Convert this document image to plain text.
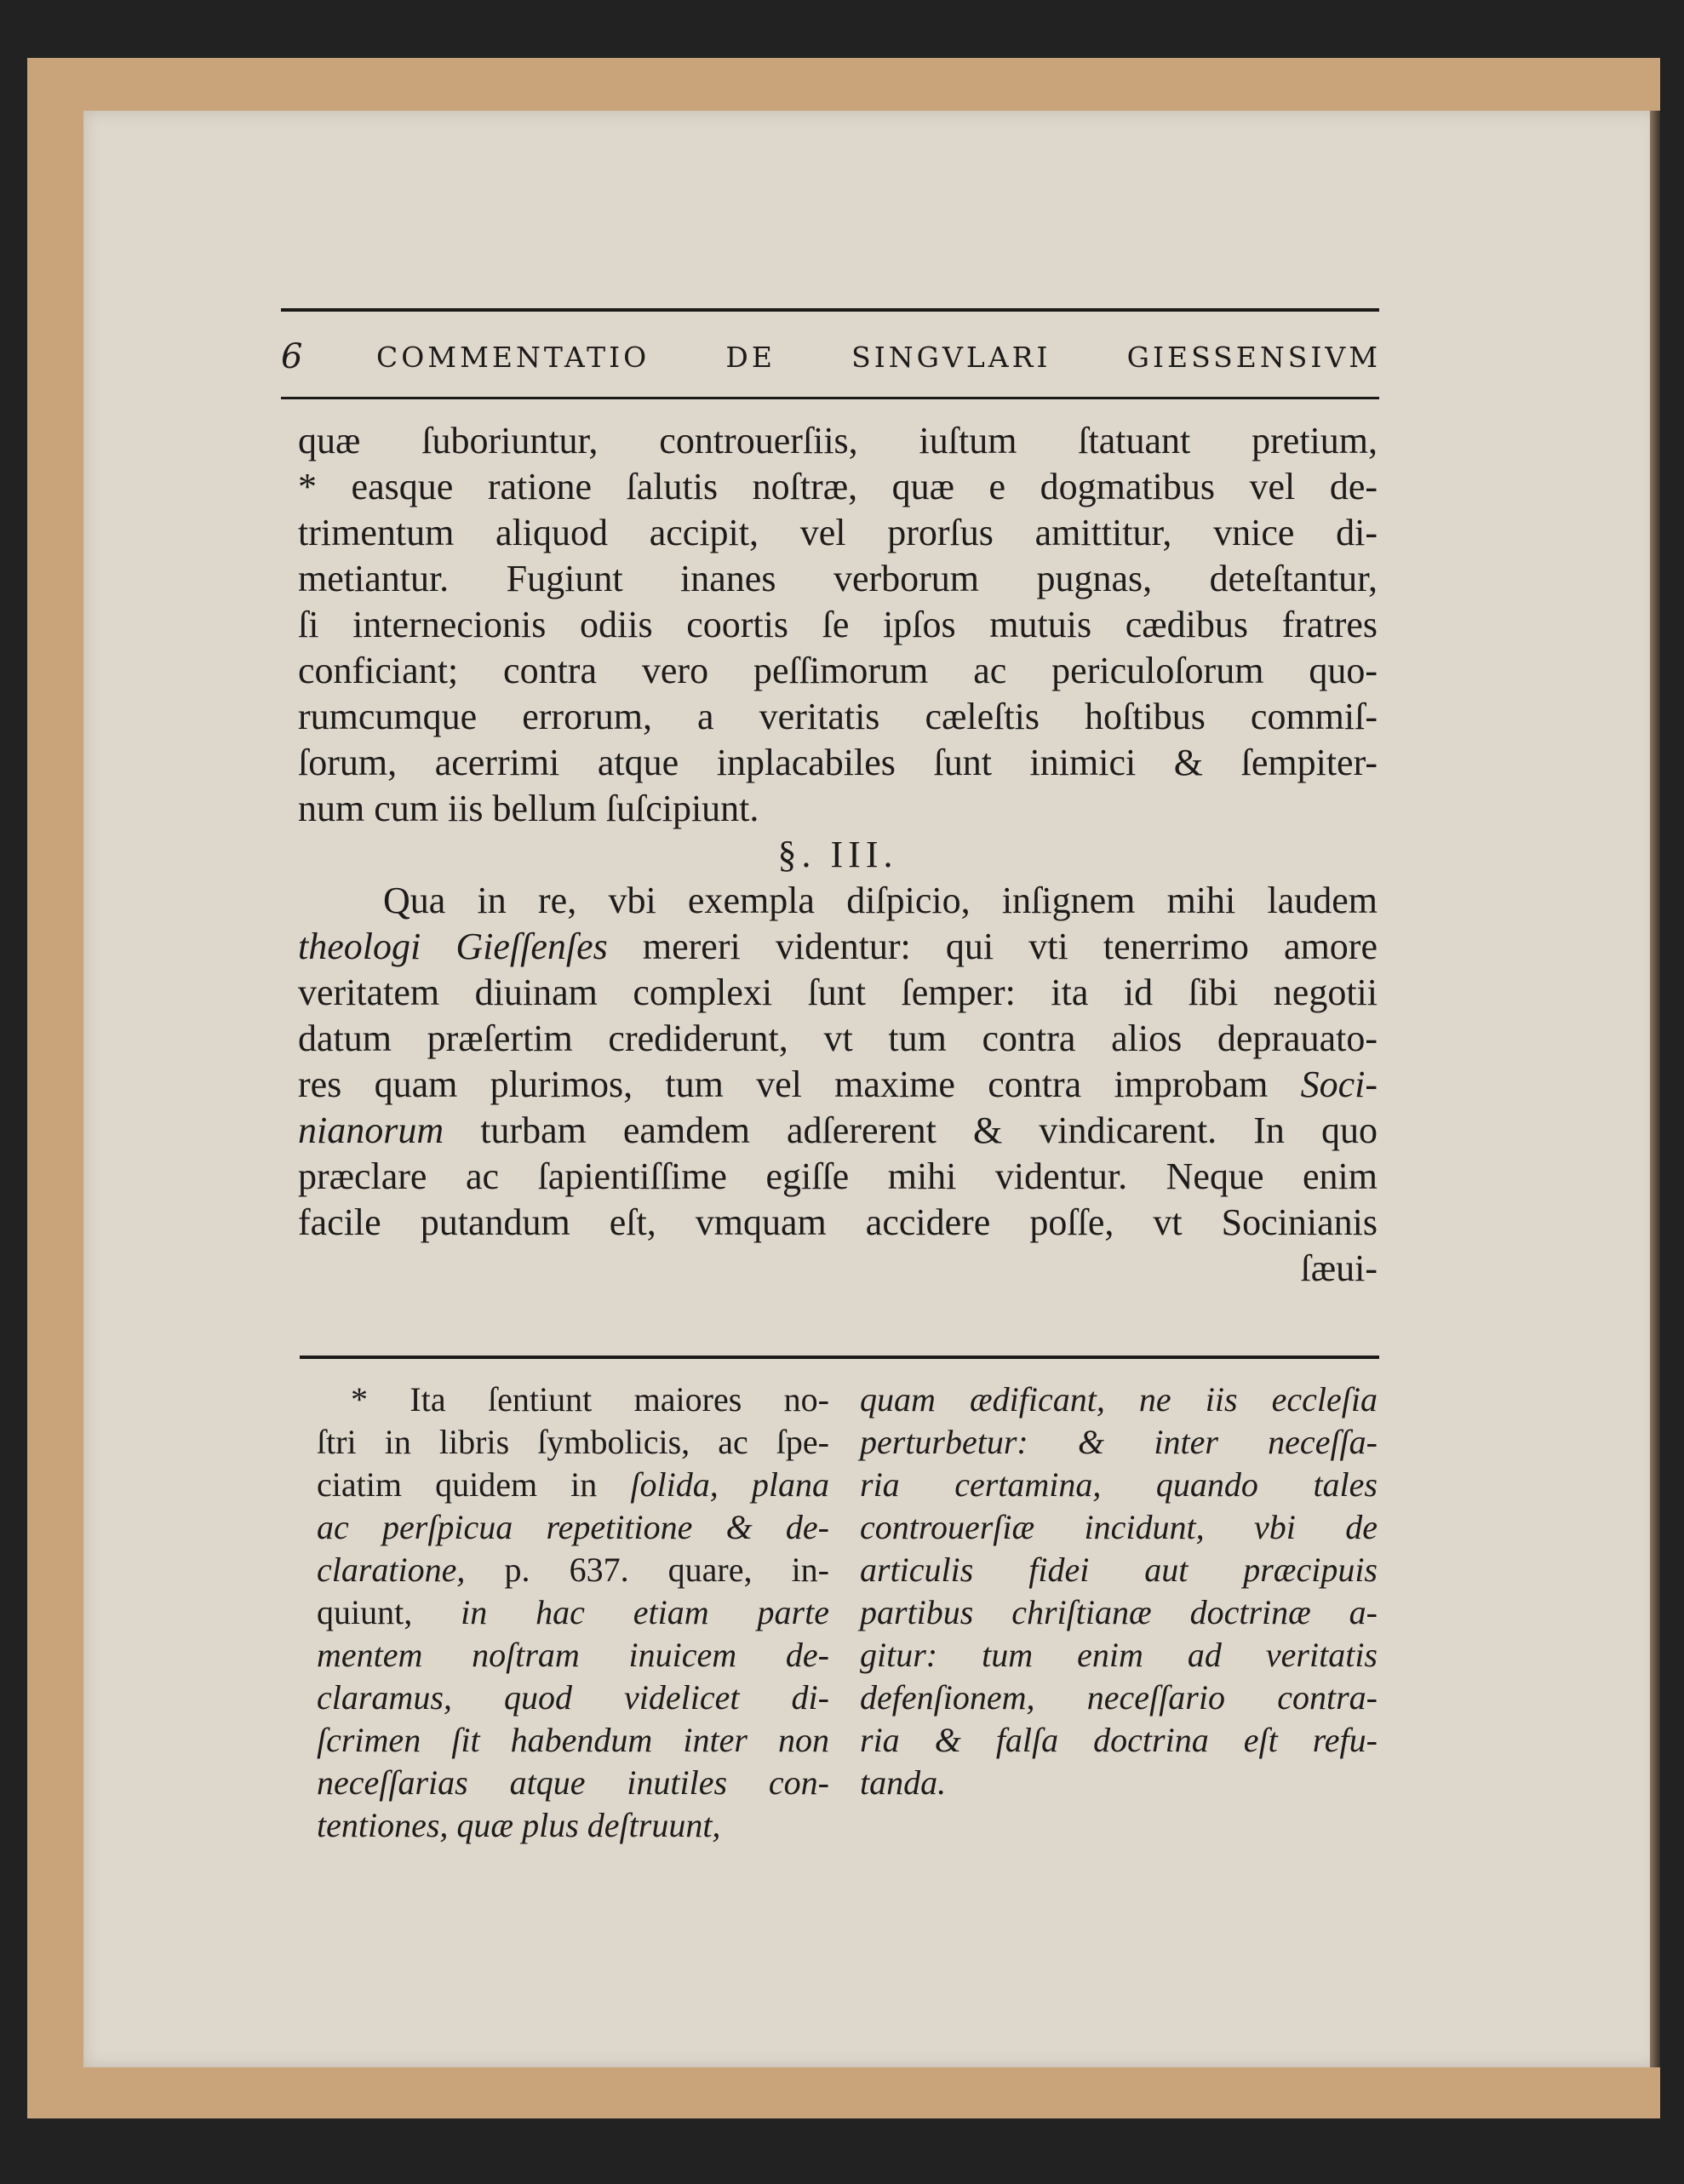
6	COMMENTATIO DE SINGVLARI GIESSENSIVM
quæ ſuboriuntur, controuerſiis, iuſtum ſtatuant pretium,
* easque ratione ſalutis noſtræ, quæ e dogmatibus vel de-
trimentum aliquod accipit, vel prorſus amittitur, vnice di-
metiantur. Fugiunt inanes verborum pugnas, deteſtantur,
ſi internecionis odiis coortis ſe ipſos mutuis cædibus fratres
conficiant; contra vero peſſimorum ac periculoſorum quo-
rumcumque errorum, a veritatis cæleſtis hoſtibus commiſ-
ſorum, acerrimi atque inplacabiles ſunt inimici & ſempiter-
num cum iis bellum ſuſcipiunt.
§. III.
Qua in re, vbi exempla diſpicio, inſignem mihi laudem
theologi Gieſſenſes mereri videntur: qui vti tenerrimo amore
veritatem diuinam complexi ſunt ſemper: ita id ſibi negotii
datum præſertim crediderunt, vt tum contra alios deprauato-
res quam plurimos, tum vel maxime contra improbam Soci-
nianorum turbam eamdem adſererent & vindicarent. In quo
præclare ac ſapientiſſime egiſſe mihi videntur. Neque enim
facile putandum eſt, vmquam accidere poſſe, vt Socinianis
ſæui-
* Ita ſentiunt maiores no-
ſtri in libris ſymbolicis, ac ſpe-
ciatim quidem in ſolida, plana
ac perſpicua repetitione & de-
claratione, p. 637. quare, in-
quiunt, in hac etiam parte
mentem noſtram inuicem de-
claramus, quod videlicet di-
ſcrimen ſit habendum inter non
neceſſarias atque inutiles con-
tentiones, quæ plus deſtruunt,
quam ædificant, ne iis eccleſia
perturbetur: & inter neceſſa-
ria certamina, quando tales
controuerſiæ incidunt, vbi de
articulis fidei aut præcipuis
partibus chriſtianæ doctrinæ a-
gitur: tum enim ad veritatis
defenſionem, neceſſario contra-
ria & falſa doctrina eſt refu-
tanda.
